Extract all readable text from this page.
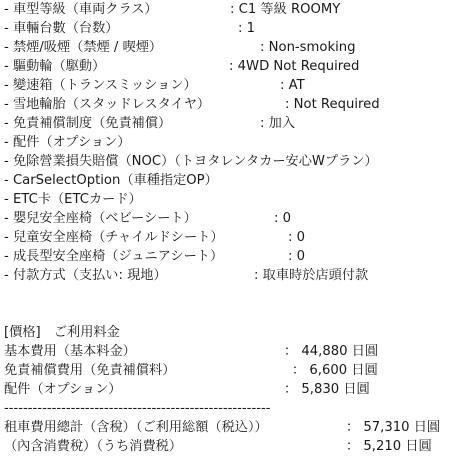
- 車型等級（車両クラス）	: C1 等級 ROOMY
- 車輛台數（台数）	: 1
- 禁煙/吸煙（禁煙 / 喫煙）	: Non-smoking
- 驅動輪（駆動）	: 4WD Not Required
- 變速箱（トランスミッション）	: AT
- 雪地輪胎（スタッドレスタイヤ）	: Not Required
- 免責補償制度（免責補償）	: 加入
- 配件（オプション）
- 免除營業損失賠償（NOC）（トヨタレンタカー安心Wプラン）
- CarSelectOption（車種指定OP）
- ETC卡（ETCカード）
- 嬰兒安全座椅（ベビーシート）	: 0
- 兒童安全座椅（チャイルドシート）	: 0
- 成長型安全座椅（ジュニアシート）	: 0
- 付款方式（支払い: 現地）	: 取車時於店頭付款
[價格]　ご利用料金
基本費用（基本料金）	： 44,880 日圓
免責補償費用（免責補償料）	： 6,600 日圓
配件（オプション）	： 5,830 日圓
--------------------------------------------------------
租車費用總計（含稅）（ご利用総額（税込））	： 57,310 日圓
（內含消費稅）（うち消費税）	： 5,210 日圓
